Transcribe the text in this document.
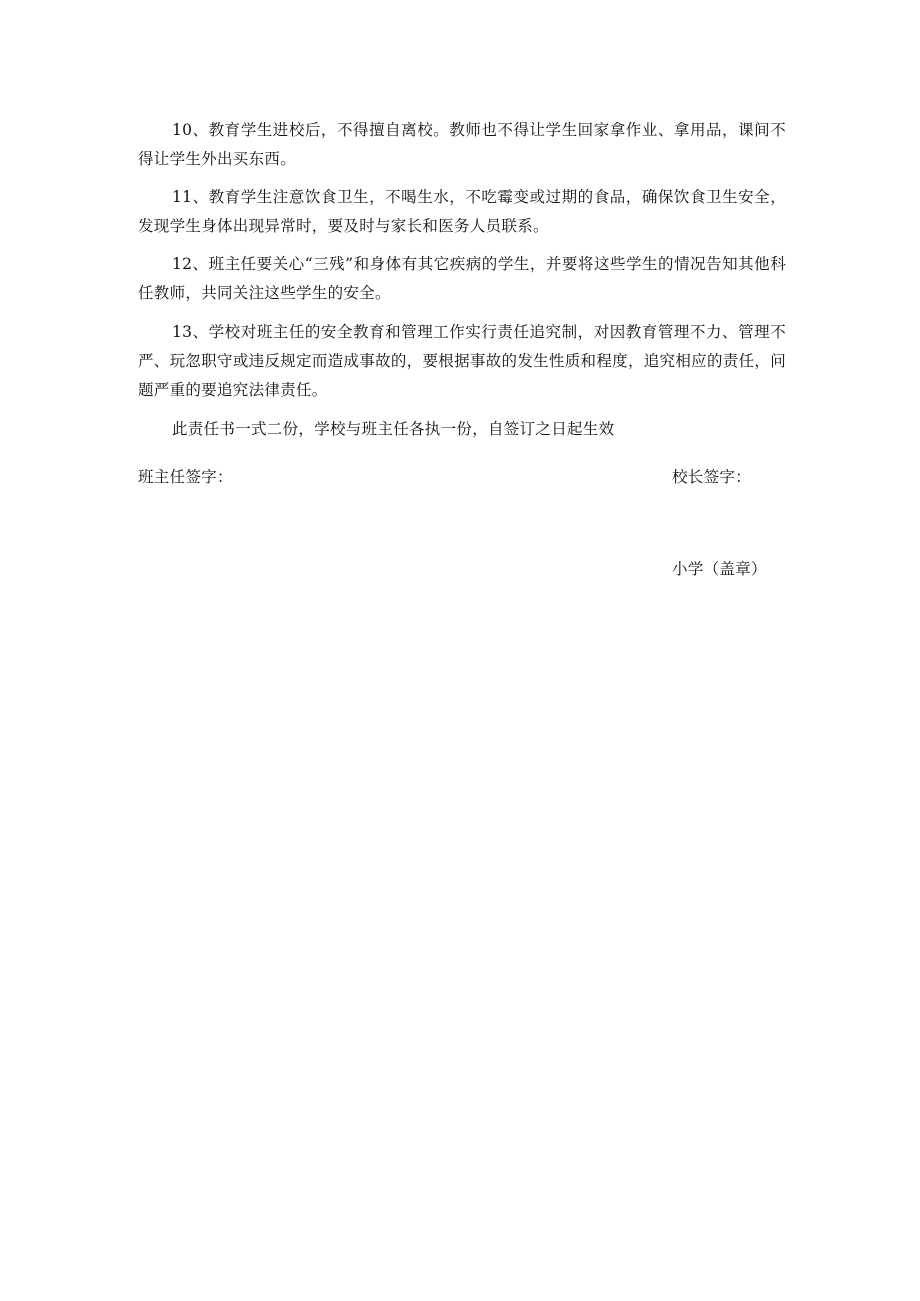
10、教育学生进校后，不得擅自离校。教师也不得让学生回家拿作业、拿用品，课间不得让学生外出买东西。

11、教育学生注意饮食卫生，不喝生水，不吃霉变或过期的食品，确保饮食卫生安全，发现学生身体出现异常时，要及时与家长和医务人员联系。

12、班主任要关心“三残”和身体有其它疾病的学生，并要将这些学生的情况告知其他科任教师，共同关注这些学生的安全。

13、学校对班主任的安全教育和管理工作实行责任追究制，对因教育管理不力、管理不严、玩忽职守或违反规定而造成事故的，要根据事故的发生性质和程度，追究相应的责任，问题严重的要追究法律责任。

此责任书一式二份，学校与班主任各执一份，自签订之日起生效

班主任签字：	校长签字：

小学（盖章）
